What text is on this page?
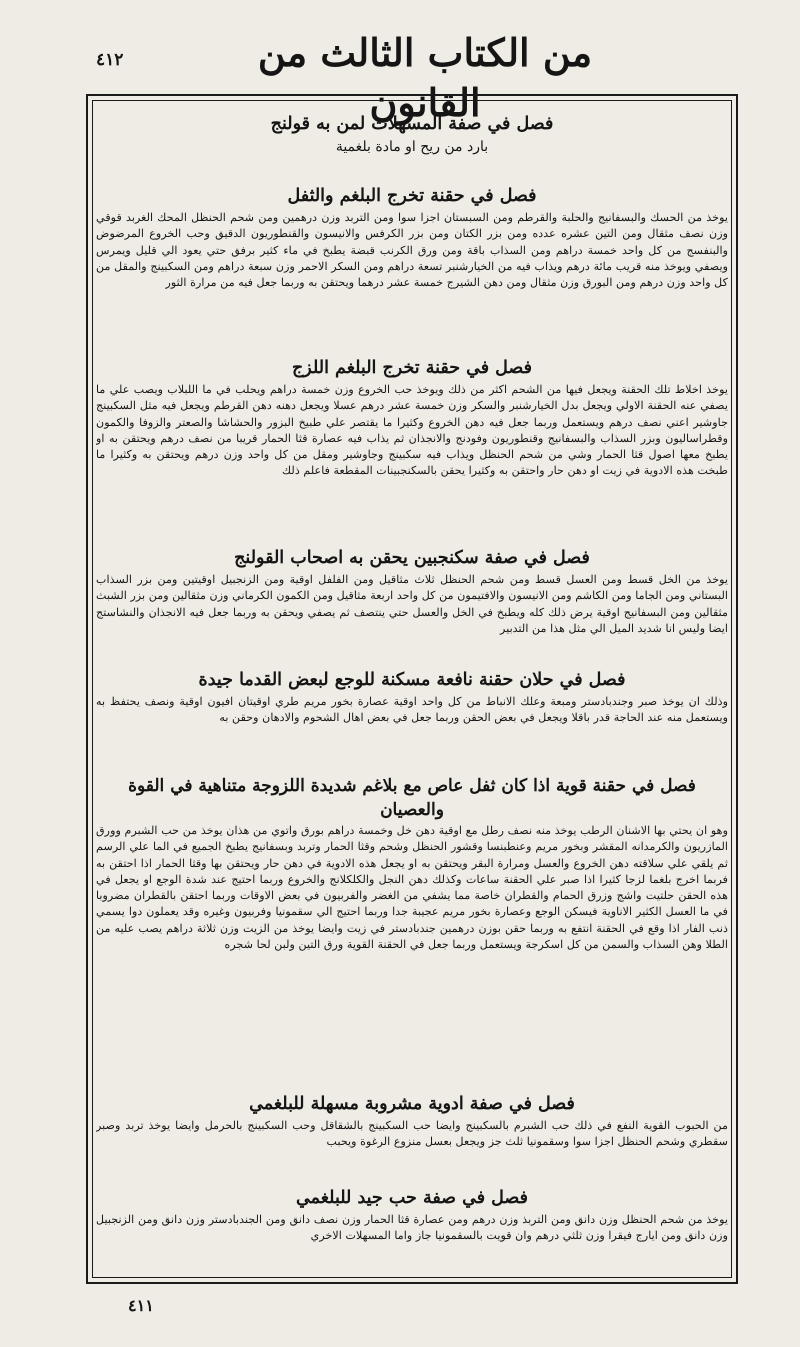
٤١٢	من الكتاب الثالث من القانون
فصل في صفة المسهلات لمن به قولنج
بارد من ريح او مادة بلغمية
فصل في حقنة تخرج البلغم والثفل

يوخذ من الحسك والبسفانيج والحلبة والقرطم ومن السبستان اجزا سوا ومن التربد وزن درهمين ومن شحم الحنظل المحك الغربد قوقي وزن نصف مثقال ومن التين عشره عدده ومن بزر الكتان ومن بزر الكرفس والانيسون والقنطوريون الدقيق وحب الخروع المرضوض والبنفسج من كل واحد خمسة دراهم ومن السذاب باقة ومن ورق الكرنب قبضة يطبخ في ماء كثير برفق حتي يعود الي قليل ويمرس ويصفي ويوخذ منه قريب مائة درهم ويذاب فيه من الخيارشنبر تسعة دراهم ومن السكر الاحمر وزن سبعة دراهم ومن السكبينج والمقل من كل واحد وزن درهم ومن البورق وزن مثقال ومن دهن الشيرج خمسة عشر درهما ويحتقن به وربما جعل فيه من مرارة الثور

فصل في حقنة تخرج البلغم اللزج

يوخذ اخلاط تلك الحقنة ويجعل فيها من الشحم اكثر من ذلك ويوخذ حب الخروع وزن خمسة دراهم ويحلب في ما اللبلاب ويصب علي ما يصفي عنه الحقنة الاولي ويجعل بدل الخيارشنبر والسكر وزن خمسة عشر درهم عسلا ويجعل دهنه دهن القرطم ويجعل فيه مثل السكبينج جاوشير اعني نصف درهم ويستعمل وربما جعل فيه دهن الخروع وكثيرا ما يقتصر علي طبيخ البزور والحشاشا والصعتر والزوفا والكمون وقطراساليون وبزر السذاب والبسفانيج وقنطوريون وفودنج والانجذان ثم يذاب فيه عصارة قثا الحمار قريبا من نصف درهم ويحتقن به او يطبخ معها اصول قثا الحمار وشي من شحم الحنظل ويذاب فيه سكبينج وجاوشير ومقل من كل واحد وزن درهم ويحتقن به وكثيرا ما طبخت هذه الادوية في زيت او دهن حار واحتقن به وكثيرا يحقن بالسكنجبينات المقطعة فاعلم ذلك

فصل في صفة سكنجبين يحقن به اصحاب القولنج

يوخذ من الخل قسط ومن العسل قسط ومن شحم الحنظل ثلاث مثاقيل ومن الفلفل اوقية ومن الزنجبيل اوقيتين ومن بزر السذاب البستاني ومن الجاما ومن الكاشم ومن الانيسون والافتيمون من كل واحد اربعة مثاقيل ومن الكمون الكرماني وزن مثقالين ومن بزر الشبث مثقالين ومن البسفانيج اوقية يرض ذلك كله ويطبخ في الخل والعسل حتي ينتصف ثم يصفي ويحقن به وربما جعل فيه الانجذان والنشاستج ايضا وليس انا شديد الميل الي مثل هذا من التدبير

فصل في حلان حقنة نافعة مسكنة للوجع لبعض القدما جيدة

وذلك ان يوخذ صبر وجندبادستر ومبعة وعلك الانباط من كل واحد اوقية عصارة بخور مريم طري اوقيتان افيون اوقية ونصف يحتفظ به ويستعمل منه عند الحاجة قدر باقلا ويجعل في بعض الحقن وربما جعل في بعض اهال الشحوم والادهان وحقن به

فصل في حقنة قوية اذا كان ثفل عاص مع بلاغم شديدة اللزوجة متناهية في القوة والعصيان

وهو ان يحتي بها الاشنان الرطب يوخذ منه نصف رطل مع اوقية دهن خل وخمسة دراهم بورق واتوي من هذان يوخذ من حب الشبرم وورق المازريون والكرمدانه المقشر وبخور مريم وعنطبنسا وقشور الحنظل وشحم وقثا الحمار وتربد وبسفانيج يطبخ الجميع في الما علي الرسم ثم يلقي علي سلاقته دهن الخروع والعسل ومرارة البقر ويحتقن به او يجعل هذه الادوية في دهن حار ويحتقن بها وقثا الحمار اذا احتقن به فربما اخرج بلغما لزجا كثيرا اذا صبر علي الحقنة ساعات وكذلك دهن النجل والكلكلانج والخروع وربما احتيج عند شدة الوجع او يجعل في هذه الحقن حلتيت واشج وزرق الحمام والقطران خاصة مما يشفي من الغضر والفربيون في بعض الاوقات وربما احتقن بالقطران مضروبا في ما العسل الكثير الاناوية فيسكن الوجع وعصارة بخور مريم عجيبة جدا وربما احتيج الي سقمونيا وفربيون وغيره وقد يعملون دوا يسمي ذنب الفار اذا وقع في الحقنة انتفع به وربما حقن بوزن درهمين جندبادستر في زيت وايضا يوخذ من الزيت وزن ثلاثة دراهم يصب عليه من الطلا وهن السذاب والسمن من كل اسكرجة ويستعمل وربما جعل في الحقنة القوية ورق التين ولبن لحا شجره

فصل في صفة ادوية مشروبة مسهلة للبلغمي

من الحبوب القوية النفع في ذلك حب الشبرم بالسكبينج وايضا حب السكبينج بالشقاقل وحب السكبينج بالحرمل وايضا يوخذ تربد وصبر سقطري وشحم الحنظل اجزا سوا وسقمونيا ثلث جز ويجعل بعسل منزوع الرغوة ويحبب

فصل في صفة حب جيد للبلغمي

يوخذ من شحم الحنظل وزن دانق ومن التربذ وزن درهم ومن عصارة قثا الحمار وزن نصف دانق ومن الجندبادستر وزن دانق ومن الزنجبيل وزن دانق ومن ايارج فيقرا وزن ثلثي درهم وان قويت بالسقمونيا جاز واما المسهلات الاخري

٤١١
